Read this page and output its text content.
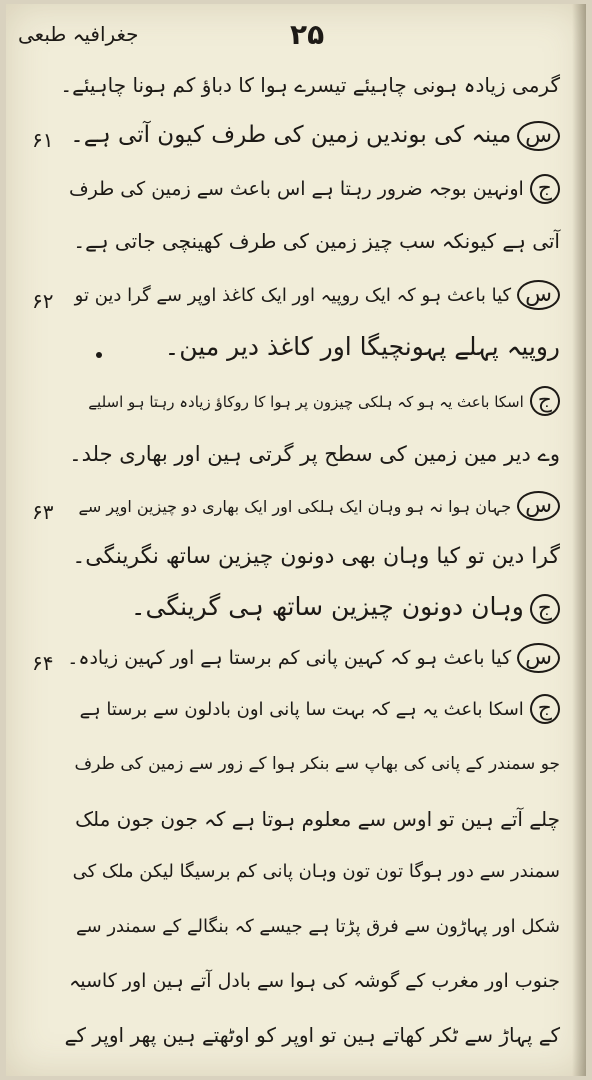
جغرافیہ طبعی	۲۵
گرمی زیادہ ہونی چاہیئے تیسرے ہوا کا دباؤ کم ہونا چاہیئے۔
۶۱	سمینہ کی بوندیں زمین کی طرف کیون آتی ہے۔
جاونہین بوجہ ضرور رہتا ہے اس باعث سے زمین کی طرف
آتی ہے کیونکہ سب چیز زمین کی طرف کھینچی جاتی ہے۔
۶۲	سکیا باعث ہو کہ ایک روپیہ اور ایک کاغذ اوپر سے گرا دین تو
روپیہ پہلے پہونچیگا اور کاغذ دیر مین۔
جاسکا باعث یہ ہو کہ ہلکی چیزون پر ہوا کا روکاؤ زیادہ رہتا ہو اسلیے
وے دیر مین زمین کی سطح پر گرتی ہین اور بھاری جلد۔
۶۳	سجہان ہوا نہ ہو وہان ایک ہلکی اور ایک بھاری دو چیزین اوپر سے
گرا دین تو کیا وہان بھی دونون چیزین ساتھ نگرینگی۔
جوہان دونون چیزین ساتھ ہی گرینگی۔
۶۴	سکیا باعث ہو کہ کہین پانی کم برستا ہے اور کہین زیادہ۔
جاسکا باعث یہ ہے کہ بہت سا پانی اون بادلون سے برستا ہے
جو سمندر کے پانی کی بھاپ سے بنکر ہوا کے زور سے زمین کی طرف
چلے آتے ہین تو اوس سے معلوم ہوتا ہے کہ جون جون ملک
سمندر سے دور ہوگا تون تون وہان پانی کم برسیگا لیکن ملک کی
شکل اور پہاڑون سے فرق پڑتا ہے جیسے کہ بنگالے کے سمندر سے
جنوب اور مغرب کے گوشہ کی ہوا سے بادل آتے ہین اور کاسیہ
کے پہاڑ سے ٹکر کھاتے ہین تو اوپر کو اوٹھتے ہین پھر اوپر کے
